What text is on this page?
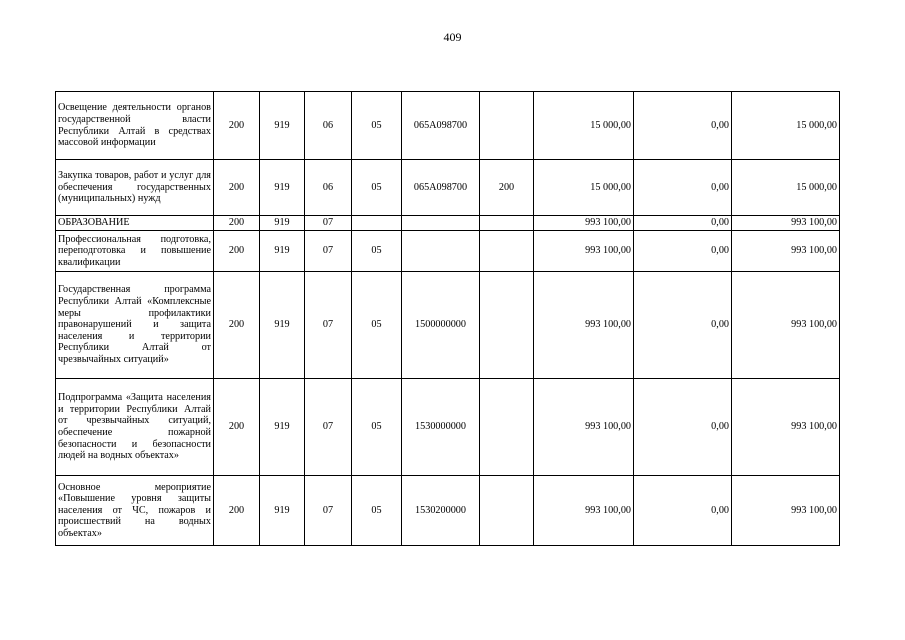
409
Освещение деятельности органов государственной власти Республики Алтай в средствах массовой информации	200	919	06	05	065A098700		15 000,00	0,00	15 000,00
Закупка товаров, работ и услуг для обеспечения государственных (муниципальных) нужд	200	919	06	05	065A098700	200	15 000,00	0,00	15 000,00
ОБРАЗОВАНИЕ	200	919	07				993 100,00	0,00	993 100,00
Профессиональная подготовка, переподготовка и повышение квалификации	200	919	07	05			993 100,00	0,00	993 100,00
Государственная программа Республики Алтай «Комплексные меры профилактики правонарушений и защита населения и территории Республики Алтай от чрезвычайных ситуаций»	200	919	07	05	1500000000		993 100,00	0,00	993 100,00
Подпрограмма «Защита населения и территории Республики Алтай от чрезвычайных ситуаций, обеспечение пожарной безопасности и безопасности людей на водных объектах»	200	919	07	05	1530000000		993 100,00	0,00	993 100,00
Основное мероприятие «Повышение уровня защиты населения от ЧС, пожаров и происшествий на водных объектах»	200	919	07	05	1530200000		993 100,00	0,00	993 100,00
